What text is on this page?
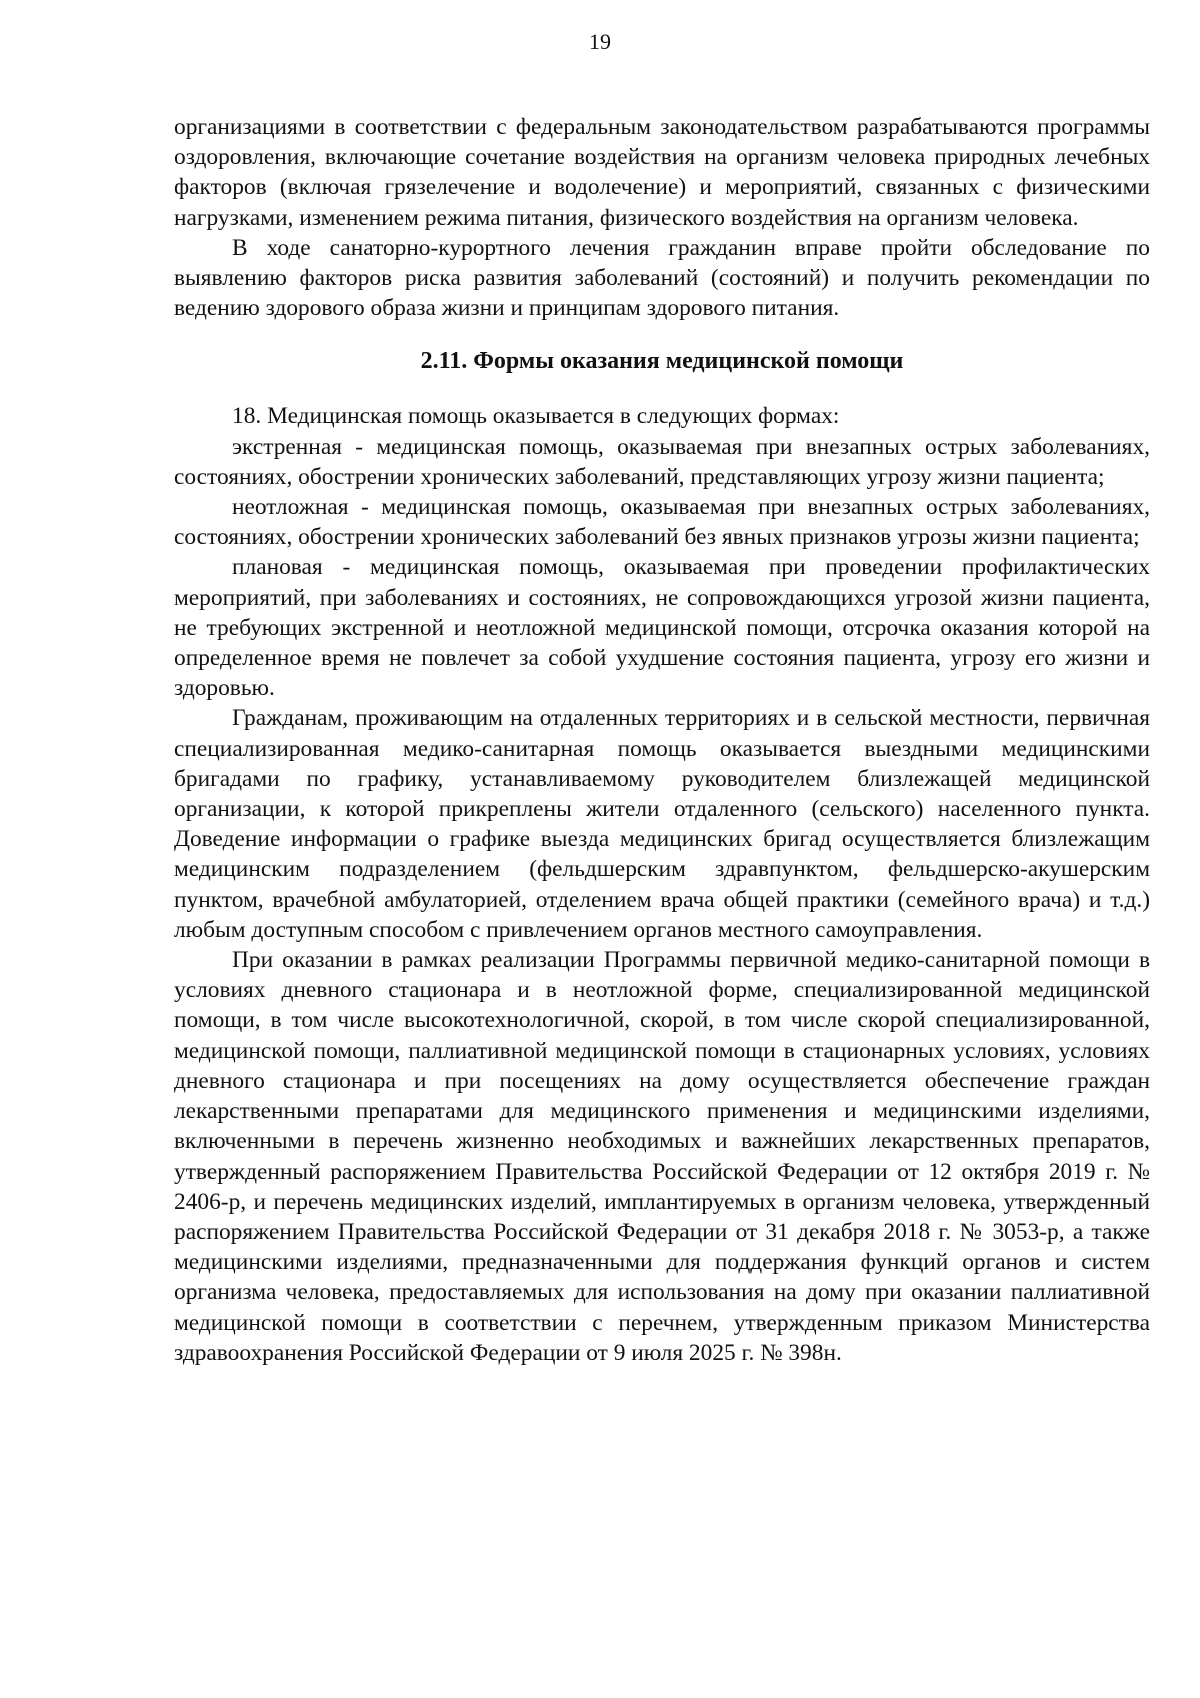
19

организациями в соответствии с федеральным законодательством разрабатываются программы оздоровления, включающие сочетание воздействия на организм человека природных лечебных факторов (включая грязелечение и водолечение) и мероприятий, связанных с физическими нагрузками, изменением режима питания, физического воздействия на организм человека.

В ходе санаторно-курортного лечения гражданин вправе пройти обследование по выявлению факторов риска развития заболеваний (состояний) и получить рекомендации по ведению здорового образа жизни и принципам здорового питания.

2.11. Формы оказания медицинской помощи

18. Медицинская помощь оказывается в следующих формах:

экстренная - медицинская помощь, оказываемая при внезапных острых заболеваниях, состояниях, обострении хронических заболеваний, представляющих угрозу жизни пациента;

неотложная - медицинская помощь, оказываемая при внезапных острых заболеваниях, состояниях, обострении хронических заболеваний без явных признаков угрозы жизни пациента;

плановая - медицинская помощь, оказываемая при проведении профилактических мероприятий, при заболеваниях и состояниях, не сопровождающихся угрозой жизни пациента, не требующих экстренной и неотложной медицинской помощи, отсрочка оказания которой на определенное время не повлечет за собой ухудшение состояния пациента, угрозу его жизни и здоровью.

Гражданам, проживающим на отдаленных территориях и в сельской местности, первичная специализированная медико-санитарная помощь оказывается выездными медицинскими бригадами по графику, устанавливаемому руководителем близлежащей медицинской организации, к которой прикреплены жители отдаленного (сельского) населенного пункта. Доведение информации о графике выезда медицинских бригад осуществляется близлежащим медицинским подразделением (фельдшерским здравпунктом, фельдшерско-акушерским пунктом, врачебной амбулаторией, отделением врача общей практики (семейного врача) и т.д.) любым доступным способом с привлечением органов местного самоуправления.

При оказании в рамках реализации Программы первичной медико-санитарной помощи в условиях дневного стационара и в неотложной форме, специализированной медицинской помощи, в том числе высокотехнологичной, скорой, в том числе скорой специализированной, медицинской помощи, паллиативной медицинской помощи в стационарных условиях, условиях дневного стационара и при посещениях на дому осуществляется обеспечение граждан лекарственными препаратами для медицинского применения и медицинскими изделиями, включенными в перечень жизненно необходимых и важнейших лекарственных препаратов, утвержденный распоряжением Правительства Российской Федерации от 12 октября 2019 г. № 2406-р, и перечень медицинских изделий, имплантируемых в организм человека, утвержденный распоряжением Правительства Российской Федерации от 31 декабря 2018 г. № 3053-р, а также медицинскими изделиями, предназначенными для поддержания функций органов и систем организма человека, предоставляемых для использования на дому при оказании паллиативной медицинской помощи в соответствии с перечнем, утвержденным приказом Министерства здравоохранения Российской Федерации от 9 июля 2025 г. № 398н.
